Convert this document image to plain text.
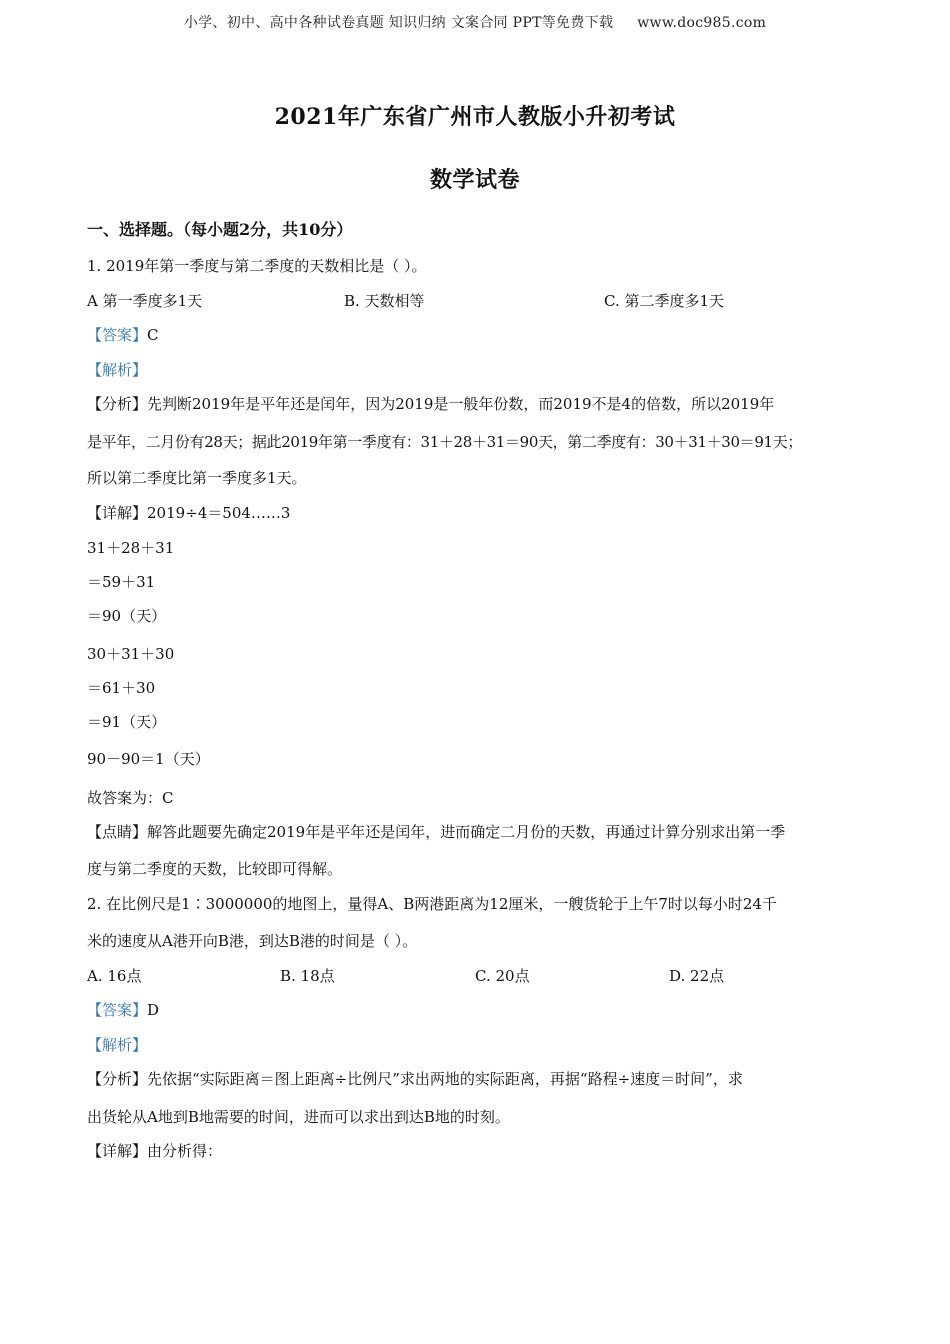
小学、初中、高中各种试卷真题 知识归纳 文案合同 PPT等免费下载 www.doc985.com
2021年广东省广州市人教版小升初考试
数学试卷
一、选择题。（每小题2分，共10分）
1. 2019年第一季度与第二季度的天数相比是（ ）。
A 第一季度多1天	B. 天数相等	C. 第二季度多1天
【答案】C
【解析】
【分析】先判断2019年是平年还是闰年，因为2019是一般年份数，而2019不是4的倍数，所以2019年
是平年，二月份有28天；据此2019年第一季度有：31＋28＋31＝90天，第二季度有：30＋31＋30＝91天；
所以第二季度比第一季度多1天。
【详解】2019÷4＝504……3
31＋28＋31
＝59＋31
＝90（天）
30＋31＋30
＝61＋30
＝91（天）
90－90＝1（天）
故答案为：C
【点睛】解答此题要先确定2019年是平年还是闰年，进而确定二月份的天数，再通过计算分别求出第一季
度与第二季度的天数，比较即可得解。
2. 在比例尺是1∶3000000的地图上，量得A、B两港距离为12厘米，一艘货轮于上午7时以每小时24千
米的速度从A港开向B港，到达B港的时间是（ ）。
A. 16点	B. 18点	C. 20点	D. 22点
【答案】D
【解析】
【分析】先依据“实际距离＝图上距离÷比例尺”求出两地的实际距离，再据“路程÷速度＝时间”，求
出货轮从A地到B地需要的时间，进而可以求出到达B地的时刻。
【详解】由分析得：
